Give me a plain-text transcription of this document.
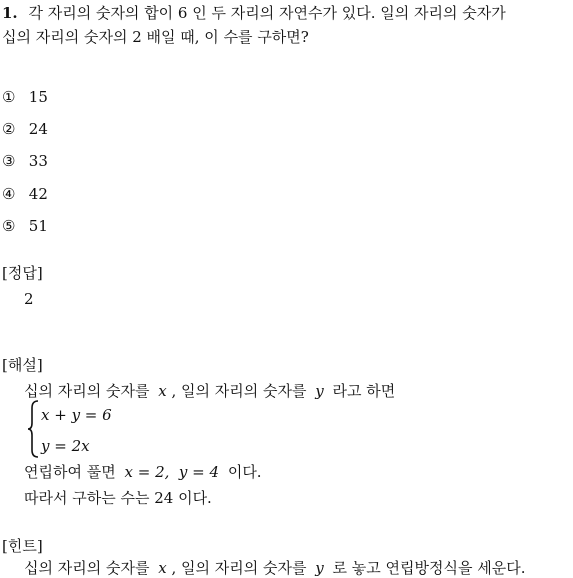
1. 각 자리의 숫자의 합이 6 인 두 자리의 자연수가 있다. 일의 자리의 숫자가
십의 자리의 숫자의 2 배일 때, 이 수를 구하면?
① 15
② 24
③ 33
④ 42
⑤ 51
[정답]
2
[해설]
십의 자리의 숫자를 x , 일의 자리의 숫자를 y 라고 하면
x + y = 6
y = 2x
연립하여 풀면 x = 2,  y = 4 이다.
따라서 구하는 수는 24 이다.
[힌트]
십의 자리의 숫자를 x , 일의 자리의 숫자를 y 로 놓고 연립방정식을 세운다.
